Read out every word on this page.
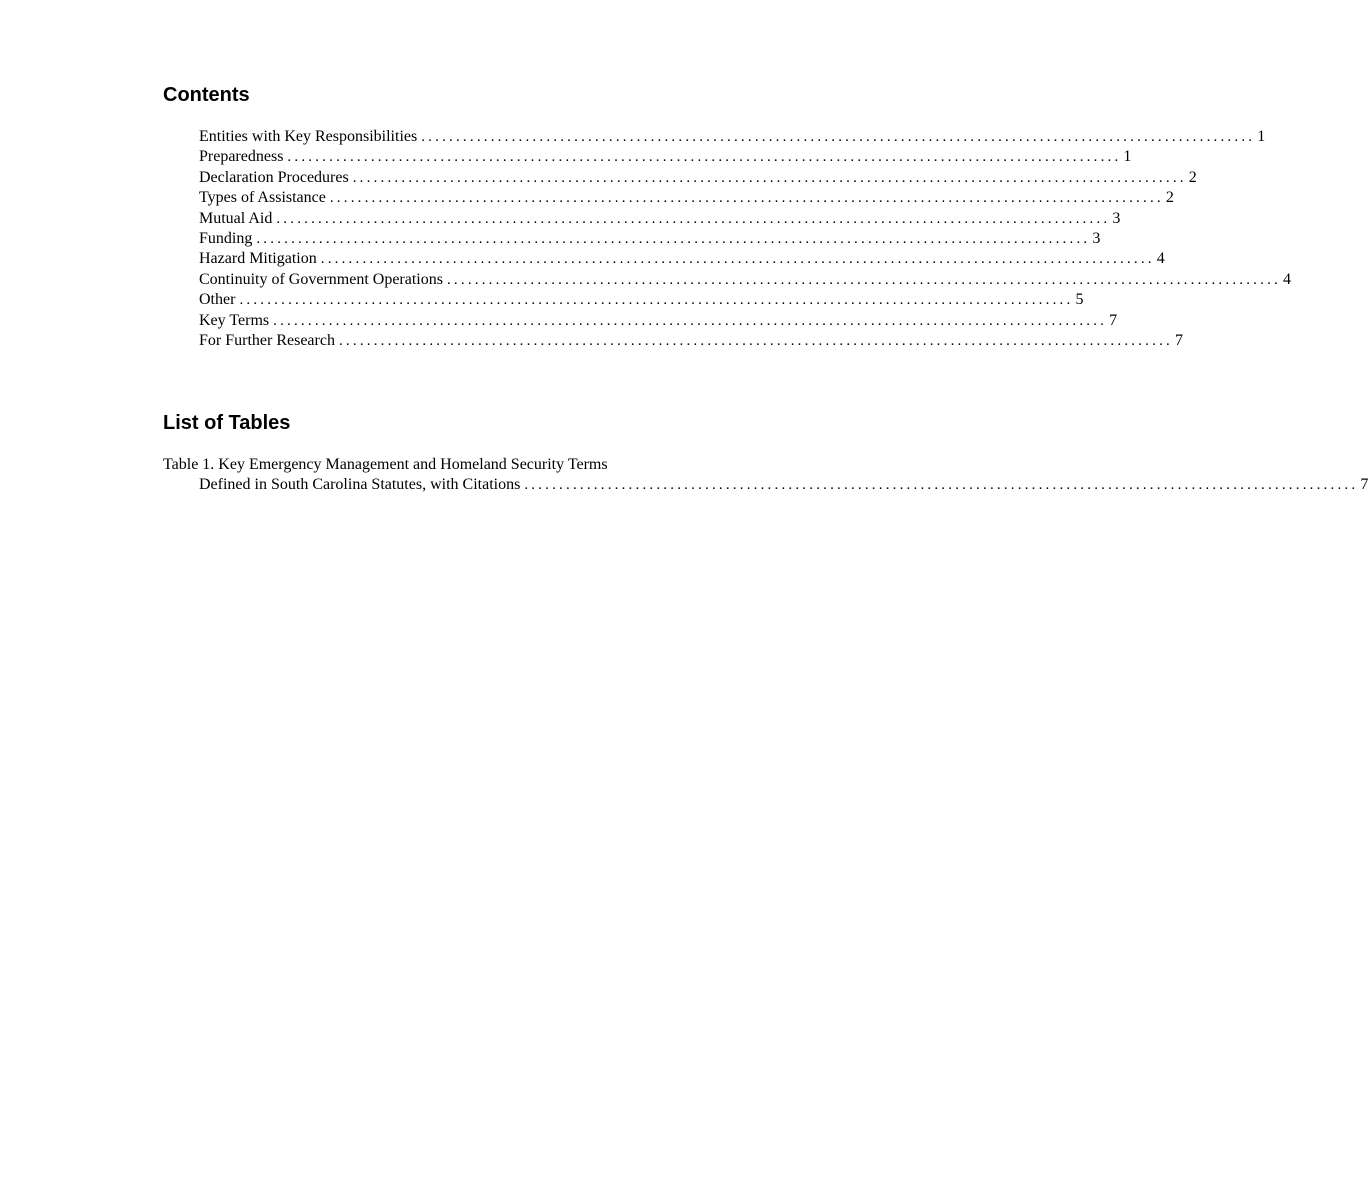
Contents
Entities with Key Responsibilities ........................................................................................................................ 1
Preparedness ........................................................................................................................ 1
Declaration Procedures ........................................................................................................................ 2
Types of Assistance ........................................................................................................................ 2
Mutual Aid ........................................................................................................................ 3
Funding ........................................................................................................................ 3
Hazard Mitigation ........................................................................................................................ 4
Continuity of Government Operations ........................................................................................................................ 4
Other ........................................................................................................................ 5
Key Terms ........................................................................................................................ 7
For Further Research ........................................................................................................................ 7
List of Tables
Table 1. Key Emergency Management and Homeland Security Terms
Defined in South Carolina Statutes, with Citations ........................................................................................................................ 7
